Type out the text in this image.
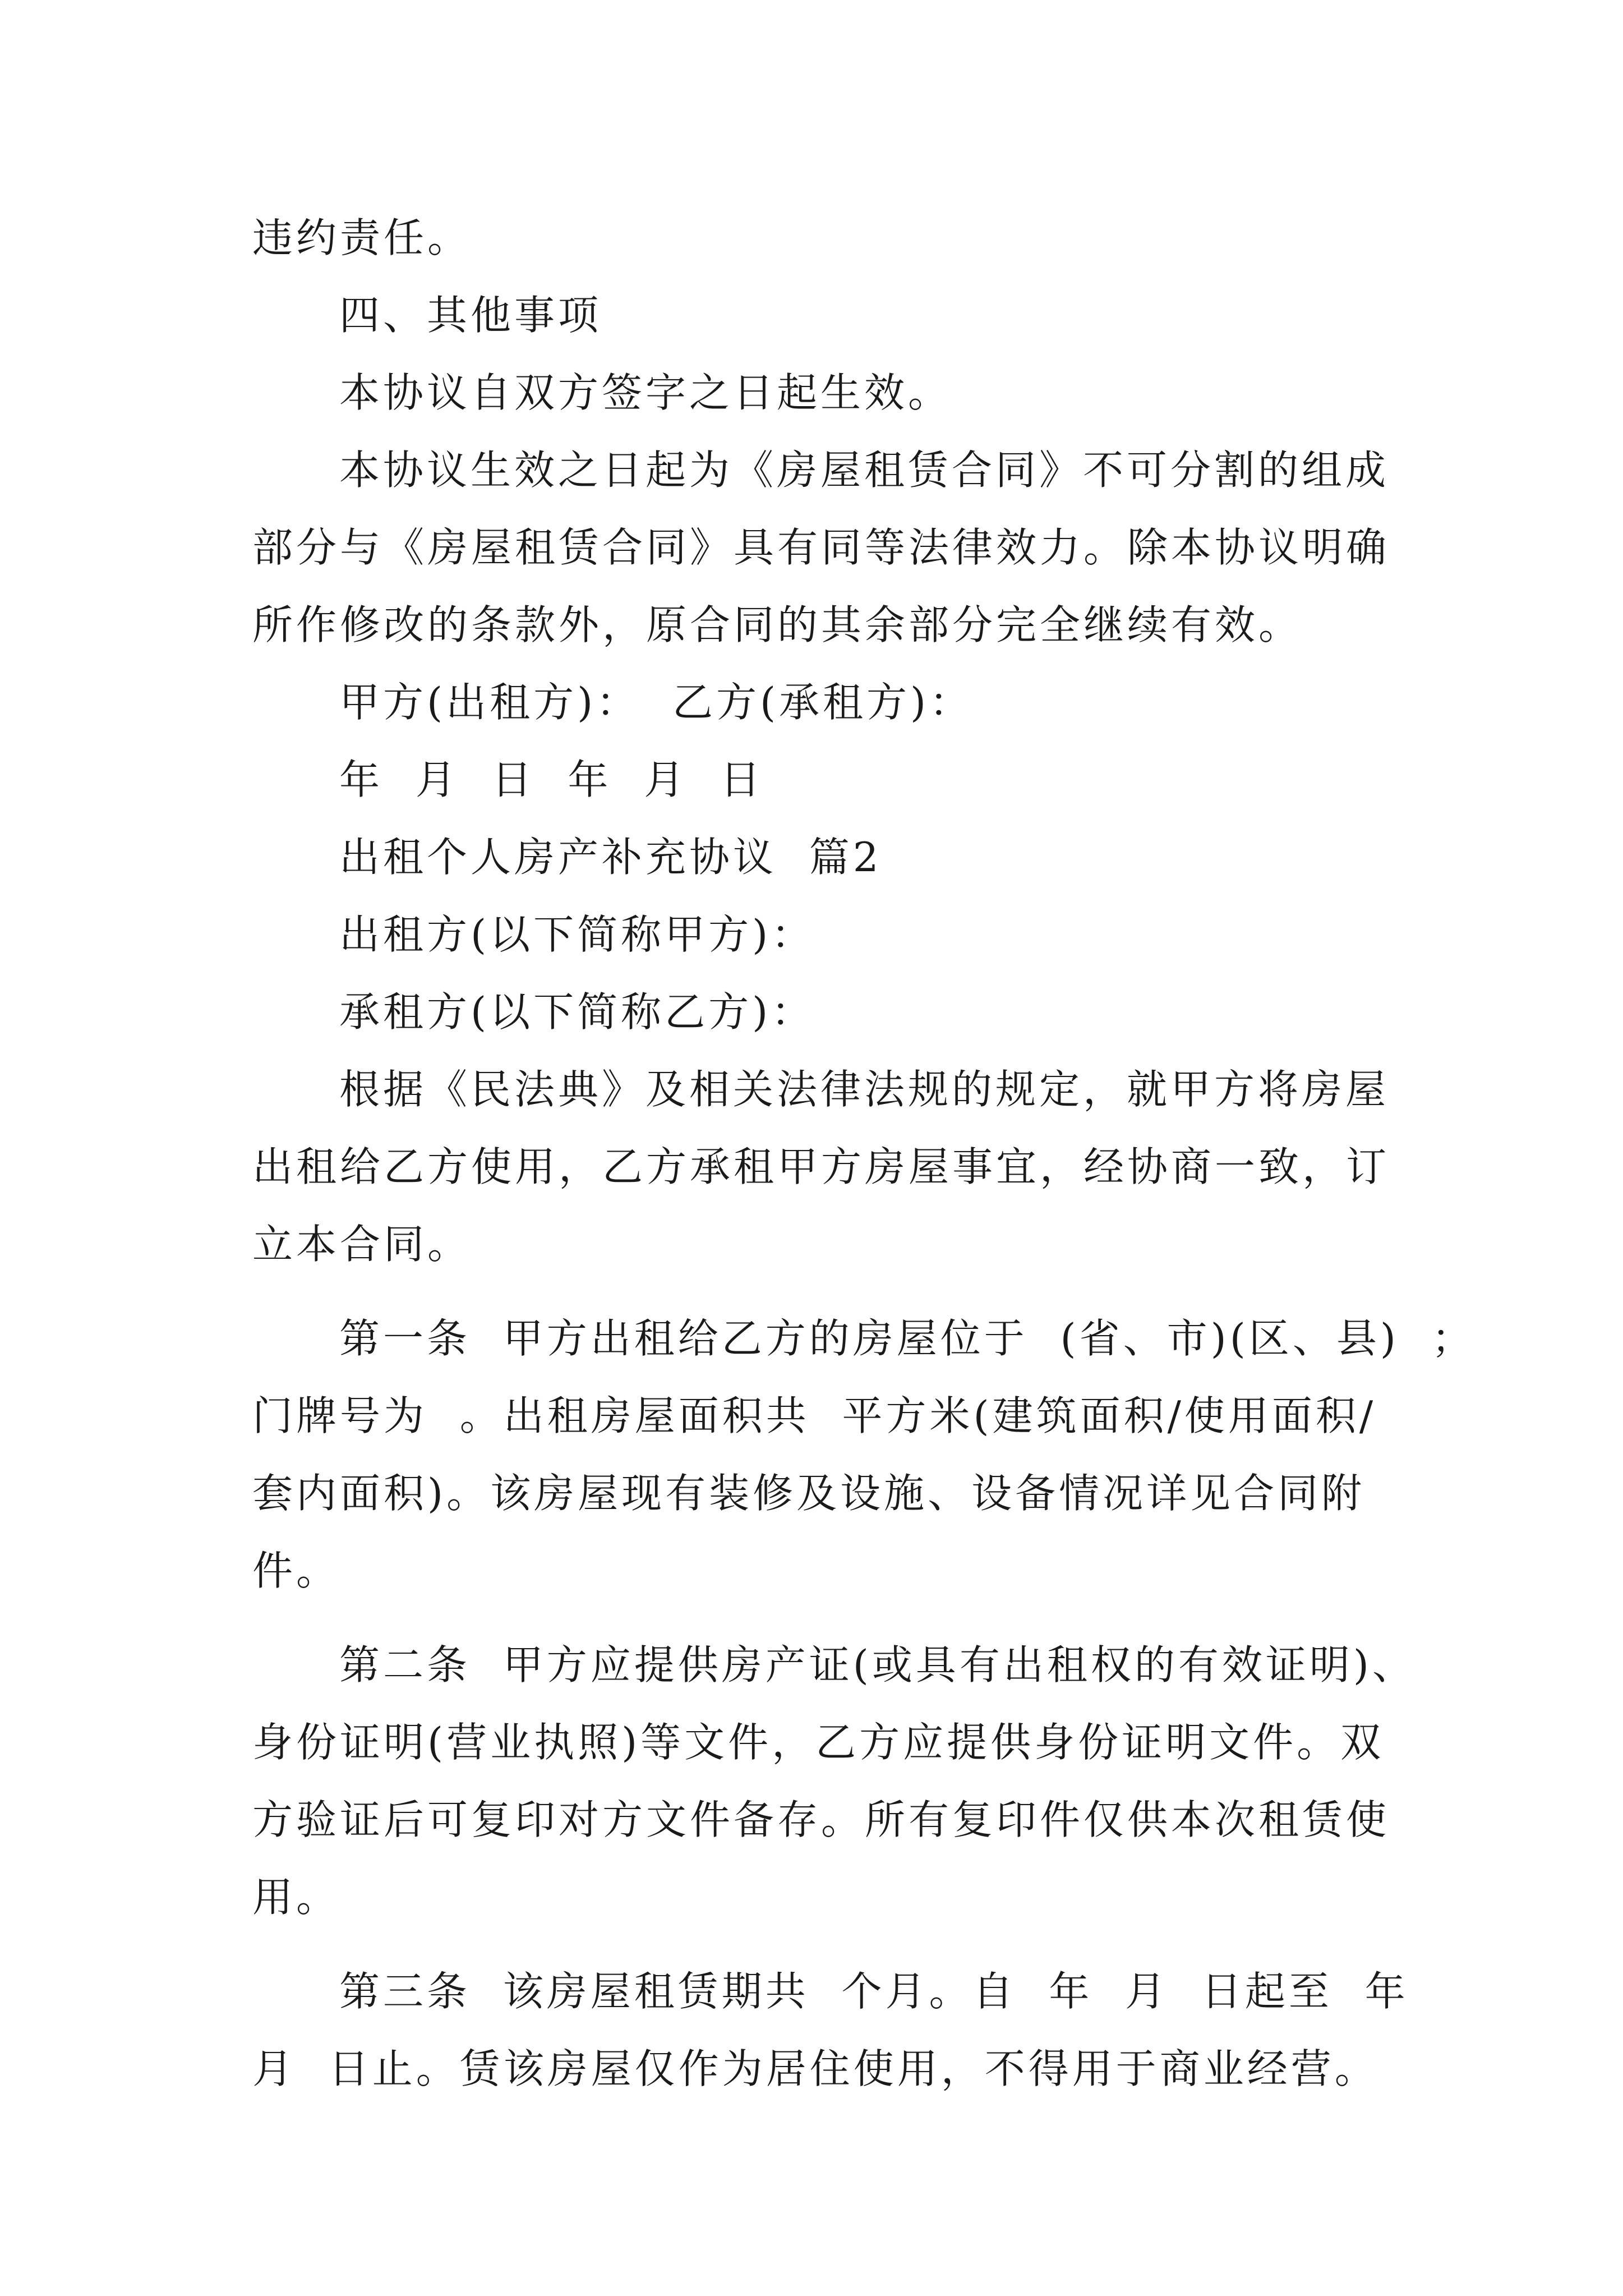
违约责任。
四、其他事项
本协议自双方签字之日起生效。
本协议生效之日起为《房屋租赁合同》不可分割的组成
部分与《房屋租赁合同》具有同等法律效力。除本协议明确
所作修改的条款外，原合同的其余部分完全继续有效。
甲方(出租方)：  乙方(承租方)：
年  月  日  年  月  日
出租个人房产补充协议  篇2
出租方(以下简称甲方)：
承租方(以下简称乙方)：
根据《民法典》及相关法律法规的规定，就甲方将房屋
出租给乙方使用，乙方承租甲方房屋事宜，经协商一致，订
立本合同。
第一条  甲方出租给乙方的房屋位于  (省、市)(区、县)  ；
门牌号为  。出租房屋面积共  平方米(建筑面积/使用面积/
套内面积)。该房屋现有装修及设施、设备情况详见合同附
件。
第二条  甲方应提供房产证(或具有出租权的有效证明)、
身份证明(营业执照)等文件，乙方应提供身份证明文件。双
方验证后可复印对方文件备存。所有复印件仅供本次租赁使
用。
第三条  该房屋租赁期共  个月。自  年  月  日起至  年
月  日止。赁该房屋仅作为居住使用，不得用于商业经营。
